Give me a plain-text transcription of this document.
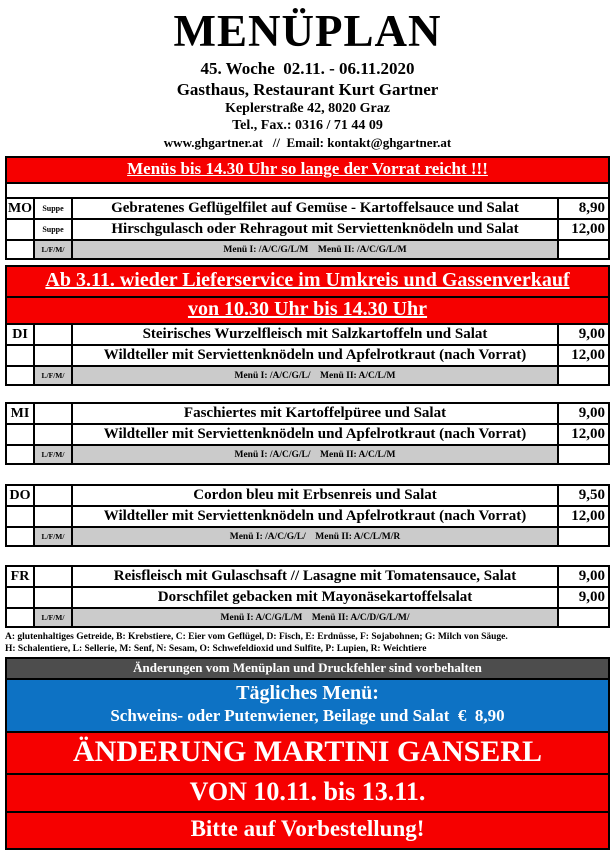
MENÜPLAN
45. Woche  02.11. - 06.11.2020
Gasthaus, Restaurant Kurt Gartner
Keplerstraße 42, 8020 Graz
Tel., Fax.: 0316 / 71 44 09
www.ghgartner.at   //  Email: kontakt@ghgartner.at
Menüs bis 14.30 Uhr so lange der Vorrat reicht !!!
MO	Suppe	Gebratenes Geflügelfilet auf Gemüse - Kartoffelsauce und Salat	8,90
	Suppe	Hirschgulasch oder Rehragout mit Serviettenknödeln und Salat	12,00
	L/F/M/	Menü I: /A/C/G/L/M    Menü II: /A/C/G/L/M	
Ab 3.11. wieder Lieferservice im Umkreis und Gassenverkauf
von 10.30 Uhr bis 14.30 Uhr
DI		Steirisches Wurzelfleisch mit Salzkartoffeln und Salat	9,00
		Wildteller mit Serviettenknödeln und Apfelrotkraut (nach Vorrat)	12,00
	L/F/M/	Menü I: /A/C/G/L/    Menü II: A/C/L/M	
MI		Faschiertes mit Kartoffelpüree und Salat	9,00
		Wildteller mit Serviettenknödeln und Apfelrotkraut (nach Vorrat)	12,00
	L/F/M/	Menü I: /A/C/G/L/    Menü II: A/C/L/M	
DO		Cordon bleu mit Erbsenreis und Salat	9,50
		Wildteller mit Serviettenknödeln und Apfelrotkraut (nach Vorrat)	12,00
	L/F/M/	Menü I: /A/C/G/L/    Menü II: A/C/L/M/R	
FR		Reisfleisch mit Gulaschsaft // Lasagne mit Tomatensauce, Salat	9,00
		Dorschfilet gebacken mit Mayonäsekartoffelsalat	9,00
	L/F/M/	Menü I: A/C/G/L/M    Menü II: A/C/D/G/L/M/	
A: glutenhaltiges Getreide, B: Krebstiere, C: Eier vom Geflügel, D: Fisch, E: Erdnüsse, F: Sojabohnen; G: Milch von Säuge.
H: Schalentiere, L: Sellerie, M: Senf, N: Sesam, O: Schwefeldioxid und Sulfite, P: Lupien, R: Weichtiere
Änderungen vom Menüplan und Druckfehler sind vorbehalten
Tägliches Menü:
Schweins- oder Putenwiener, Beilage und Salat  €  8,90
ÄNDERUNG MARTINI GANSERL
VON 10.11. bis 13.11.
Bitte auf Vorbestellung!
